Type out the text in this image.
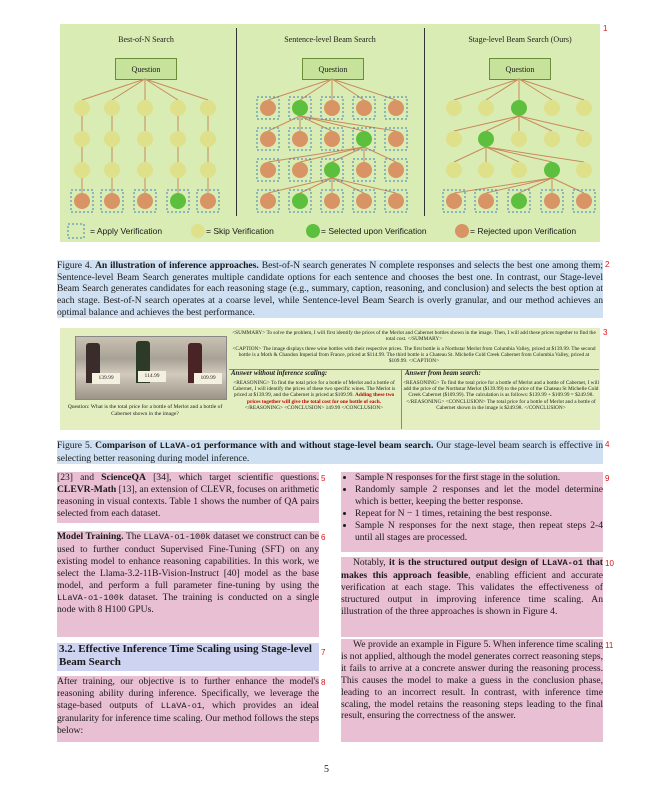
1
Best-of-N Search	Sentence-level Beam Search	Stage-level Beam Search (Ours)
Question	Question	Question
= Apply Verification	= Skip Verification	= Selected upon Verification	= Rejected upon Verification
Figure 4. An illustration of inference approaches. Best-of-N search generates N complete responses and selects the best one among them; Sentence-level Beam Search generates multiple candidate options for each sentence and chooses the best one. In contrast, our Stage-level Beam Search generates candidates for each reasoning stage (e.g., summary, caption, reasoning, and conclusion) and selects the best option at each stage. Best-of-N search operates at a coarse level, while Sentence-level Beam Search is overly granular, and our method achieves an optimal balance and achieves the best performance.
2
3
139.99	114.99	109.99
Question: What is the total price for a bottle of Merlot and a bottle of Cabernet shown in the image?
<SUMMARY> To solve the problem, I will first identify the prices of the Merlot and Cabernet bottles shown in the image. Then, I will add these prices together to find the total cost. </SUMMARY>
<CAPTION> The image displays three wine bottles with their respective prices. The first bottle is a Northstar Merlot from Columbia Valley, priced at $139.99. The second bottle is a Moth & Chandon Imperial from France, priced at $114.99. The third bottle is a Chateau St. Michelle Cold Creek Cabernet from Columbia Valley, priced at $109.99. </CAPTION>
Answer without inference scaling:
<REASONING> To find the total price for a bottle of Merlot and a bottle of Cabernet, I will identify the prices of these two specific wines. The Merlot is priced at $139.99, and the Cabernet is priced at $109.99. Adding these two prices together will give the total cost for one bottle of each. </REASONING> <CONCLUSION> 149.99 </CONCLUSION>
Answer from beam search:
<REASONING> To find the total price for a bottle of Merlot and a bottle of Cabernet, I will add the price of the Northstar Merlot ($139.99) to the price of the Chateau St Michelle Cold Creek Cabernet ($109.99). The calculation is as follows: $139.99 + $109.99 = $249.98. </REASONING> <CONCLUSION> The total price for a bottle of Merlot and a bottle of Cabernet shown in the image is $249.98. </CONCLUSION>
Figure 5. Comparison of LLaVA-o1 performance with and without stage-level beam search. Our stage-level beam search is effective in selecting better reasoning during model inference.
4
[23] and ScienceQA [34], which target scientific questions. CLEVR-Math [13], an extension of CLEVR, focuses on arithmetic reasoning in visual contexts. Table 1 shows the number of QA pairs selected from each dataset.
5
Model Training. The LLaVA-o1-100k dataset we construct can be used to further conduct Supervised Fine-Tuning (SFT) on any existing model to enhance reasoning capabilities. In this work, we select the Llama-3.2-11B-Vision-Instruct [40] model as the base model, and perform a full parameter fine-tuning by using the LLaVA-o1-100k dataset. The training is conducted on a single node with 8 H100 GPUs.
6
3.2. Effective Inference Time Scaling using Stage-level Beam Search
7
After training, our objective is to further enhance the model's reasoning ability during inference. Specifically, we leverage the stage-based outputs of LLaVA-o1, which provides an ideal granularity for inference time scaling. Our method follows the steps below:
8
• Sample N responses for the first stage in the solution.
• Randomly sample 2 responses and let the model determine which is better, keeping the better response.
• Repeat for N − 1 times, retaining the best response.
• Sample N responses for the next stage, then repeat steps 2-4 until all stages are processed.
9
Notably, it is the structured output design of LLaVA-o1 that makes this approach feasible, enabling efficient and accurate verification at each stage. This validates the effectiveness of structured output in improving inference time scaling. An illustration of the three approaches is shown in Figure 4.
10
We provide an example in Figure 5. When inference time scaling is not applied, although the model generates correct reasoning steps, it fails to arrive at a concrete answer during the reasoning process. This causes the model to make a guess in the conclusion phase, leading to an incorrect result. In contrast, with inference time scaling, the model retains the reasoning steps leading to the final result, ensuring the correctness of the answer.
11
5
